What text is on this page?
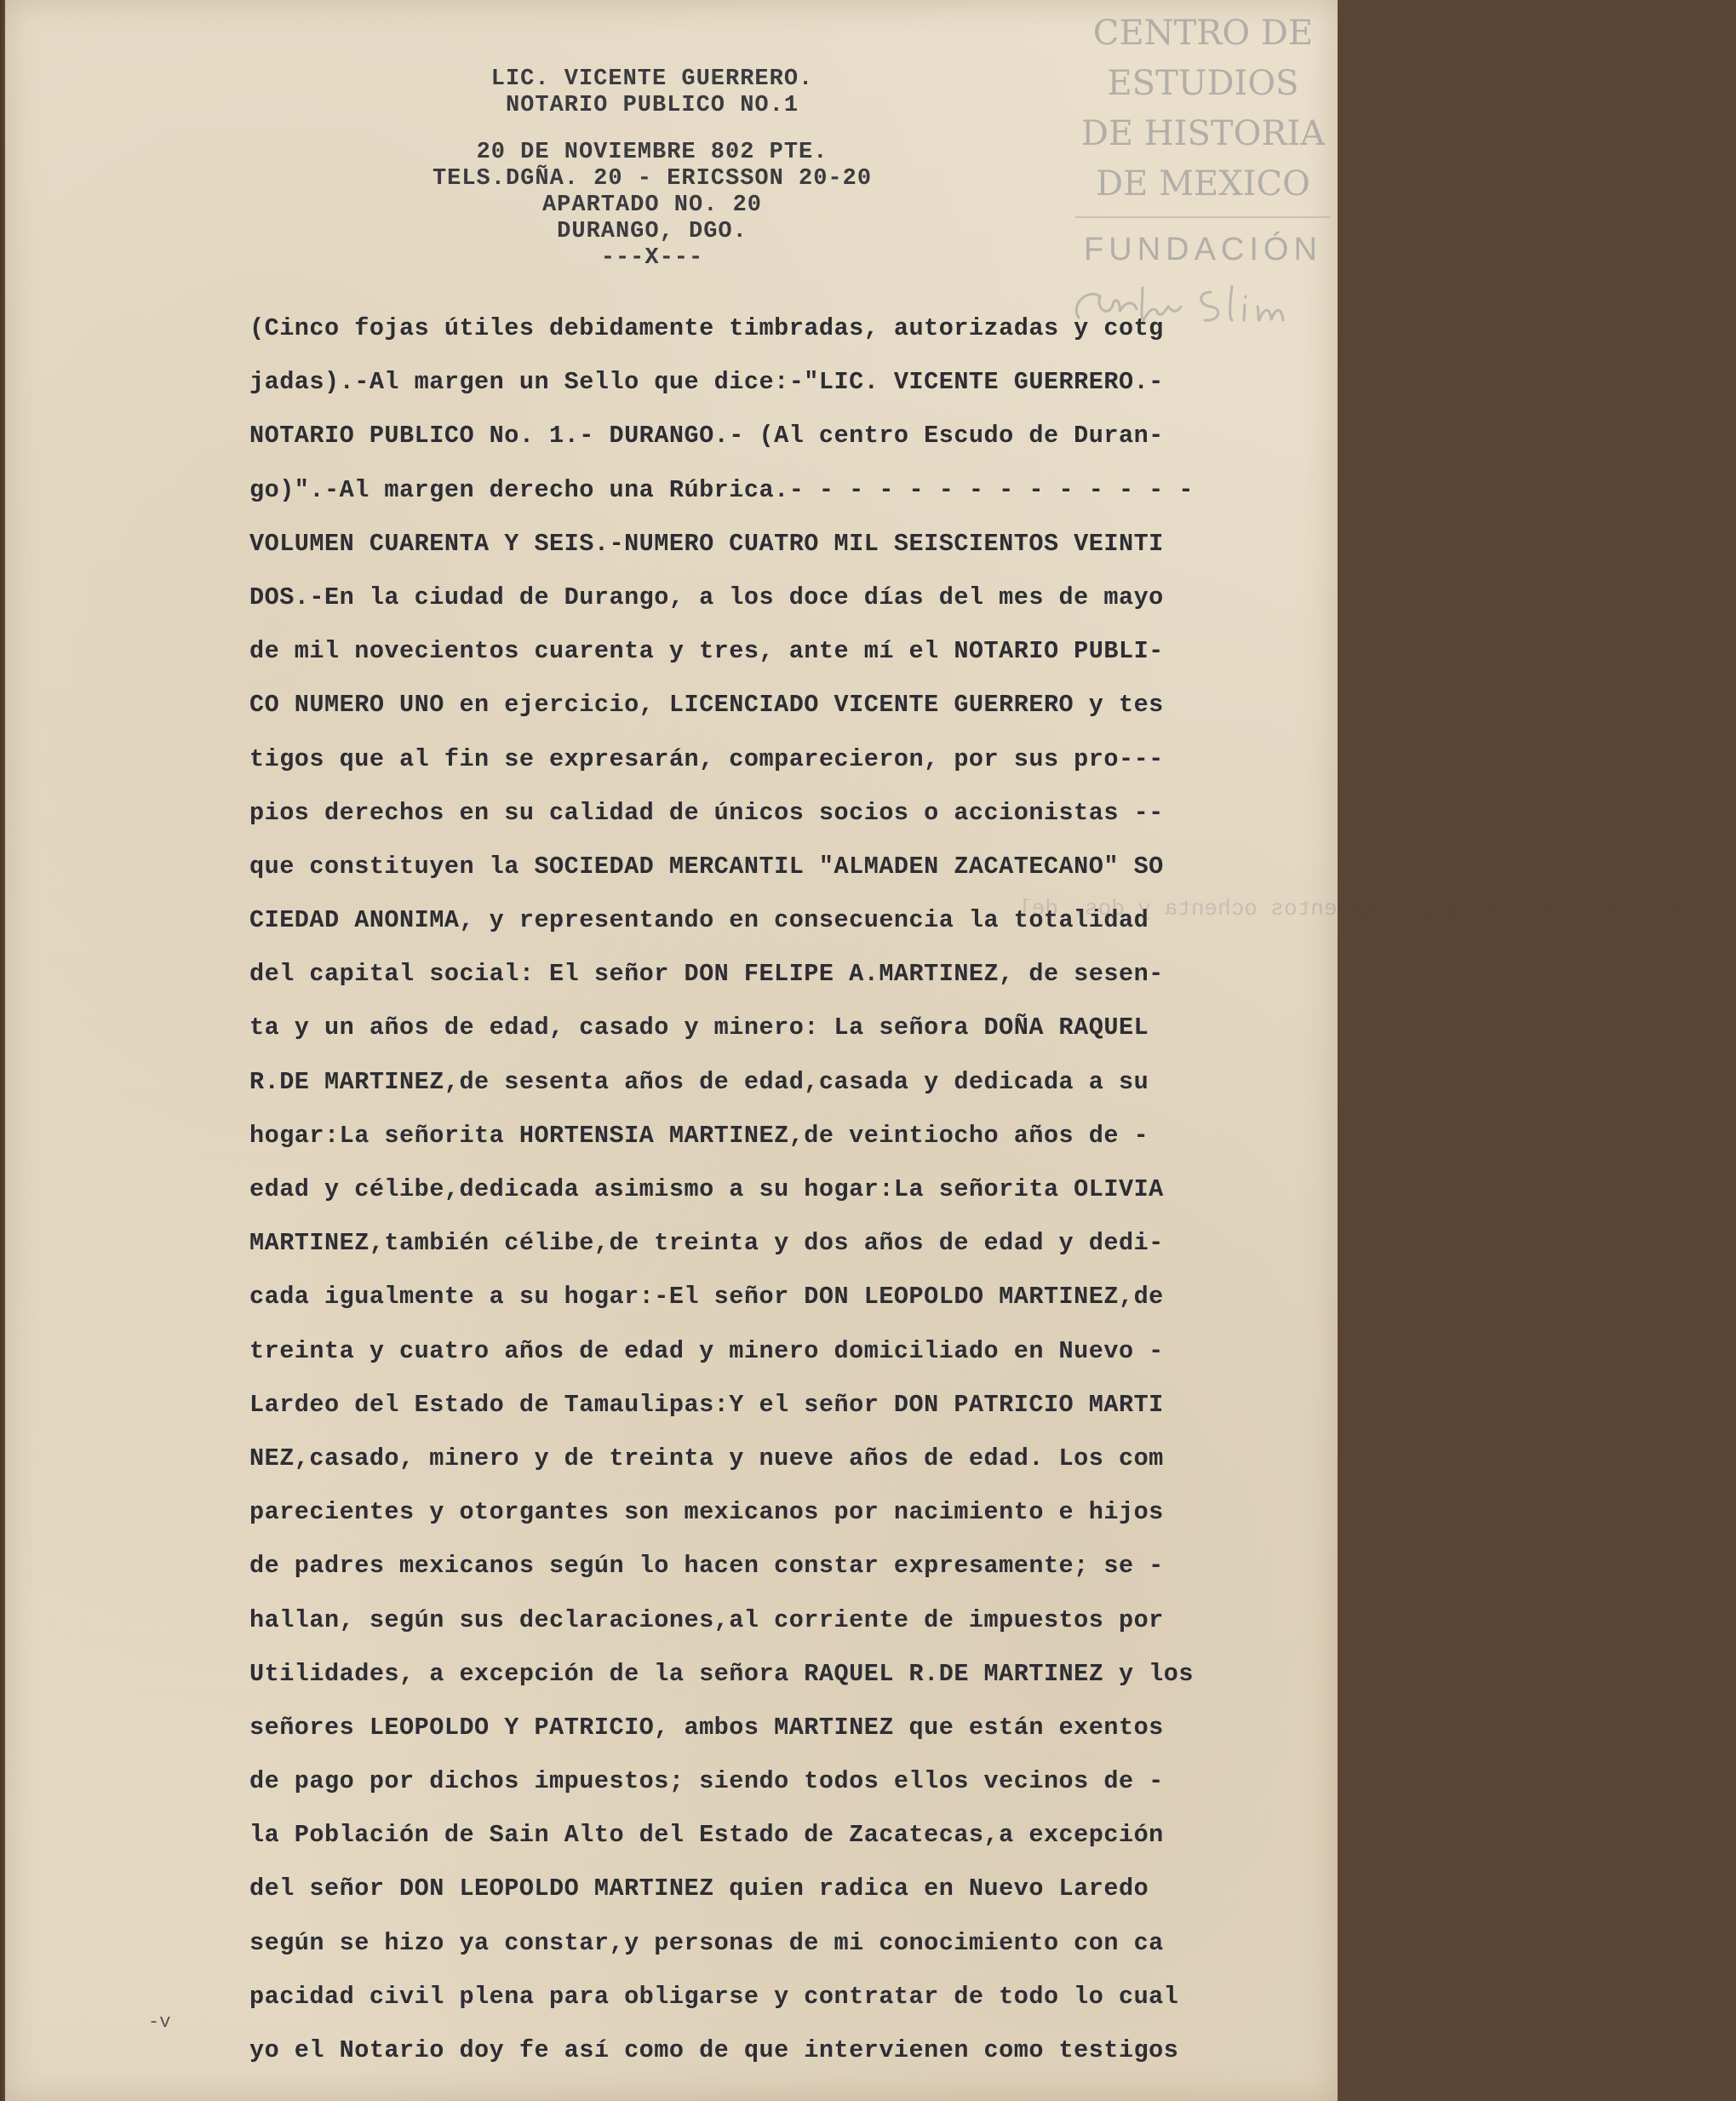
LIC. VICENTE GUERRERO.
NOTARIO PUBLICO NO.1
20 DE NOVIEMBRE 802 PTE.
TELS.DGÑA. 20 - ERICSSON 20-20
APARTADO NO. 20
DURANGO, DGO.
---X---
CENTRO DE
ESTUDIOS
DE HISTORIA
DE MEXICO
FUNDACIÓN
creación número 1252 mil doscientos ochenta y dos, del
(Cinco fojas útiles debidamente timbradas, autorizadas y cotg
jadas).-Al margen un Sello que dice:-"LIC. VICENTE GUERRERO.-
NOTARIO PUBLICO No. 1.- DURANGO.- (Al centro Escudo de Duran-
go)".-Al margen derecho una Rúbrica.- - - - - - - - - - - - - -
VOLUMEN CUARENTA Y SEIS.-NUMERO CUATRO MIL SEISCIENTOS VEINTI
DOS.-En la ciudad de Durango, a los doce días del mes de mayo
de mil novecientos cuarenta y tres, ante mí el NOTARIO PUBLI-
CO NUMERO UNO en ejercicio, LICENCIADO VICENTE GUERRERO y tes
tigos que al fin se expresarán, comparecieron, por sus pro---
pios derechos en su calidad de únicos socios o accionistas --
que constituyen la SOCIEDAD MERCANTIL "ALMADEN ZACATECANO" SO
CIEDAD ANONIMA, y representando en consecuencia la totalidad
del capital social: El señor DON FELIPE A.MARTINEZ, de sesen-
ta y un años de edad, casado y minero: La señora DOÑA RAQUEL
R.DE MARTINEZ,de sesenta años de edad,casada y dedicada a su
hogar:La señorita HORTENSIA MARTINEZ,de veintiocho años de -
edad y célibe,dedicada asimismo a su hogar:La señorita OLIVIA
MARTINEZ,también célibe,de treinta y dos años de edad y dedi-
cada igualmente a su hogar:-El señor DON LEOPOLDO MARTINEZ,de
treinta y cuatro años de edad y minero domiciliado en Nuevo -
Lardeo del Estado de Tamaulipas:Y el señor DON PATRICIO MARTI
NEZ,casado, minero y de treinta y nueve años de edad. Los com
parecientes y otorgantes son mexicanos por nacimiento e hijos
de padres mexicanos según lo hacen constar expresamente; se -
hallan, según sus declaraciones,al corriente de impuestos por
Utilidades, a excepción de la señora RAQUEL R.DE MARTINEZ y los
señores LEOPOLDO Y PATRICIO, ambos MARTINEZ que están exentos
de pago por dichos impuestos; siendo todos ellos vecinos de -
la Población de Sain Alto del Estado de Zacatecas,a excepción
del señor DON LEOPOLDO MARTINEZ quien radica en Nuevo Laredo
según se hizo ya constar,y personas de mi conocimiento con ca
pacidad civil plena para obligarse y contratar de todo lo cual
yo el Notario doy fe así como de que intervienen como testigos
-v
